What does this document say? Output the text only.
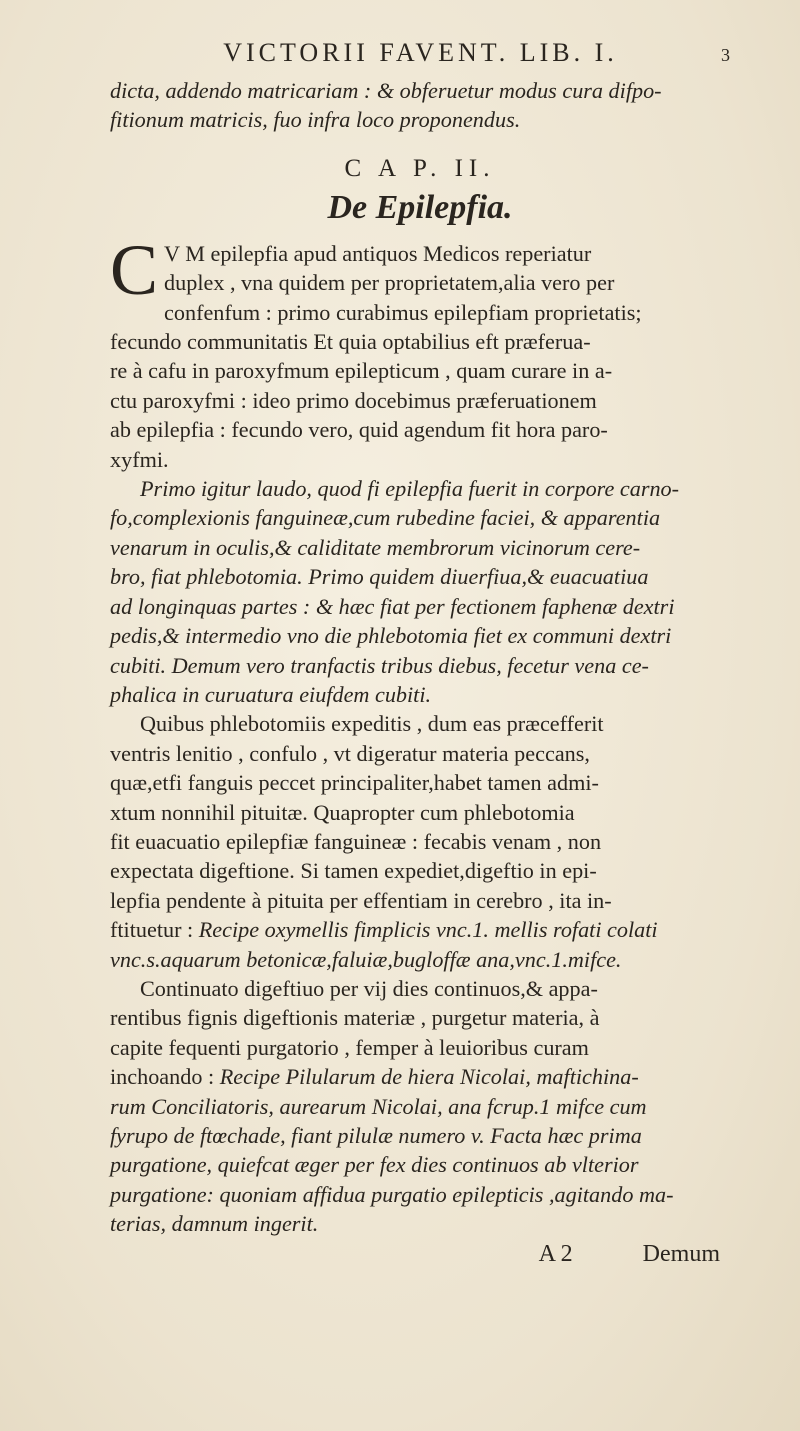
VICTORII FAVENT. LIB. I.	3

dicta, addendo matricariam : & obferuetur modus cura difpo-

fitionum matricis, fuo infra loco proponendus.

C A P. II.
De Epilepfia.
C V M epilepfia apud antiquos Medicos reperiatur

duplex , vna quidem per proprietatem,alia vero per

confenfum : primo curabimus epilepfiam proprietatis;

fecundo communitatis Et quia optabilius eft præferua-

re à cafu in paroxyfmum epilepticum , quam curare in a-

ctu paroxyfmi : ideo primo docebimus præferuationem

ab epilepfia : fecundo vero, quid agendum fit hora paro-

xyfmi.

Primo igitur laudo, quod fi epilepfia fuerit in corpore carno-

fo,complexionis fanguineæ,cum rubedine faciei, & apparentia

venarum in oculis,& caliditate membrorum vicinorum cere-

bro, fiat phlebotomia. Primo quidem diuerfiua,& euacuatiua

ad longinquas partes : & hæc fiat per fectionem faphenæ dextri

pedis,& intermedio vno die phlebotomia fiet ex communi dextri

cubiti. Demum vero tranfactis tribus diebus, fecetur vena ce-

phalica in curuatura eiufdem cubiti.

Quibus phlebotomiis expeditis , dum eas præcefferit

ventris lenitio , confulo , vt digeratur materia peccans,

quæ,etfi fanguis peccet principaliter,habet tamen admi-

xtum nonnihil pituitæ. Quapropter cum phlebotomia

fit euacuatio epilepfiæ fanguineæ : fecabis venam , non

expectata digeftione. Si tamen expediet,digeftio in epi-

lepfia pendente à pituita per effentiam in cerebro , ita in-

ftituetur : Recipe oxymellis fimplicis vnc.1. mellis rofati colati

vnc.s.aquarum betonicæ,faluiæ,bugloffæ ana,vnc.1.mifce.

Continuato digeftiuo per vij dies continuos,& appa-

rentibus fignis digeftionis materiæ , purgetur materia, à

capite fequenti purgatorio , femper à leuioribus curam

inchoando : Recipe Pilularum de hiera Nicolai, maftichina-

rum Conciliatoris, aurearum Nicolai, ana fcrup.1 mifce cum

fyrupo de ftœchade, fiant pilulæ numero v. Facta hæc prima

purgatione, quiefcat æger per fex dies continuos ab vlterior

purgatione: quoniam affidua purgatio epilepticis ,agitando ma-

terias, damnum ingerit.

A 2	Demum
